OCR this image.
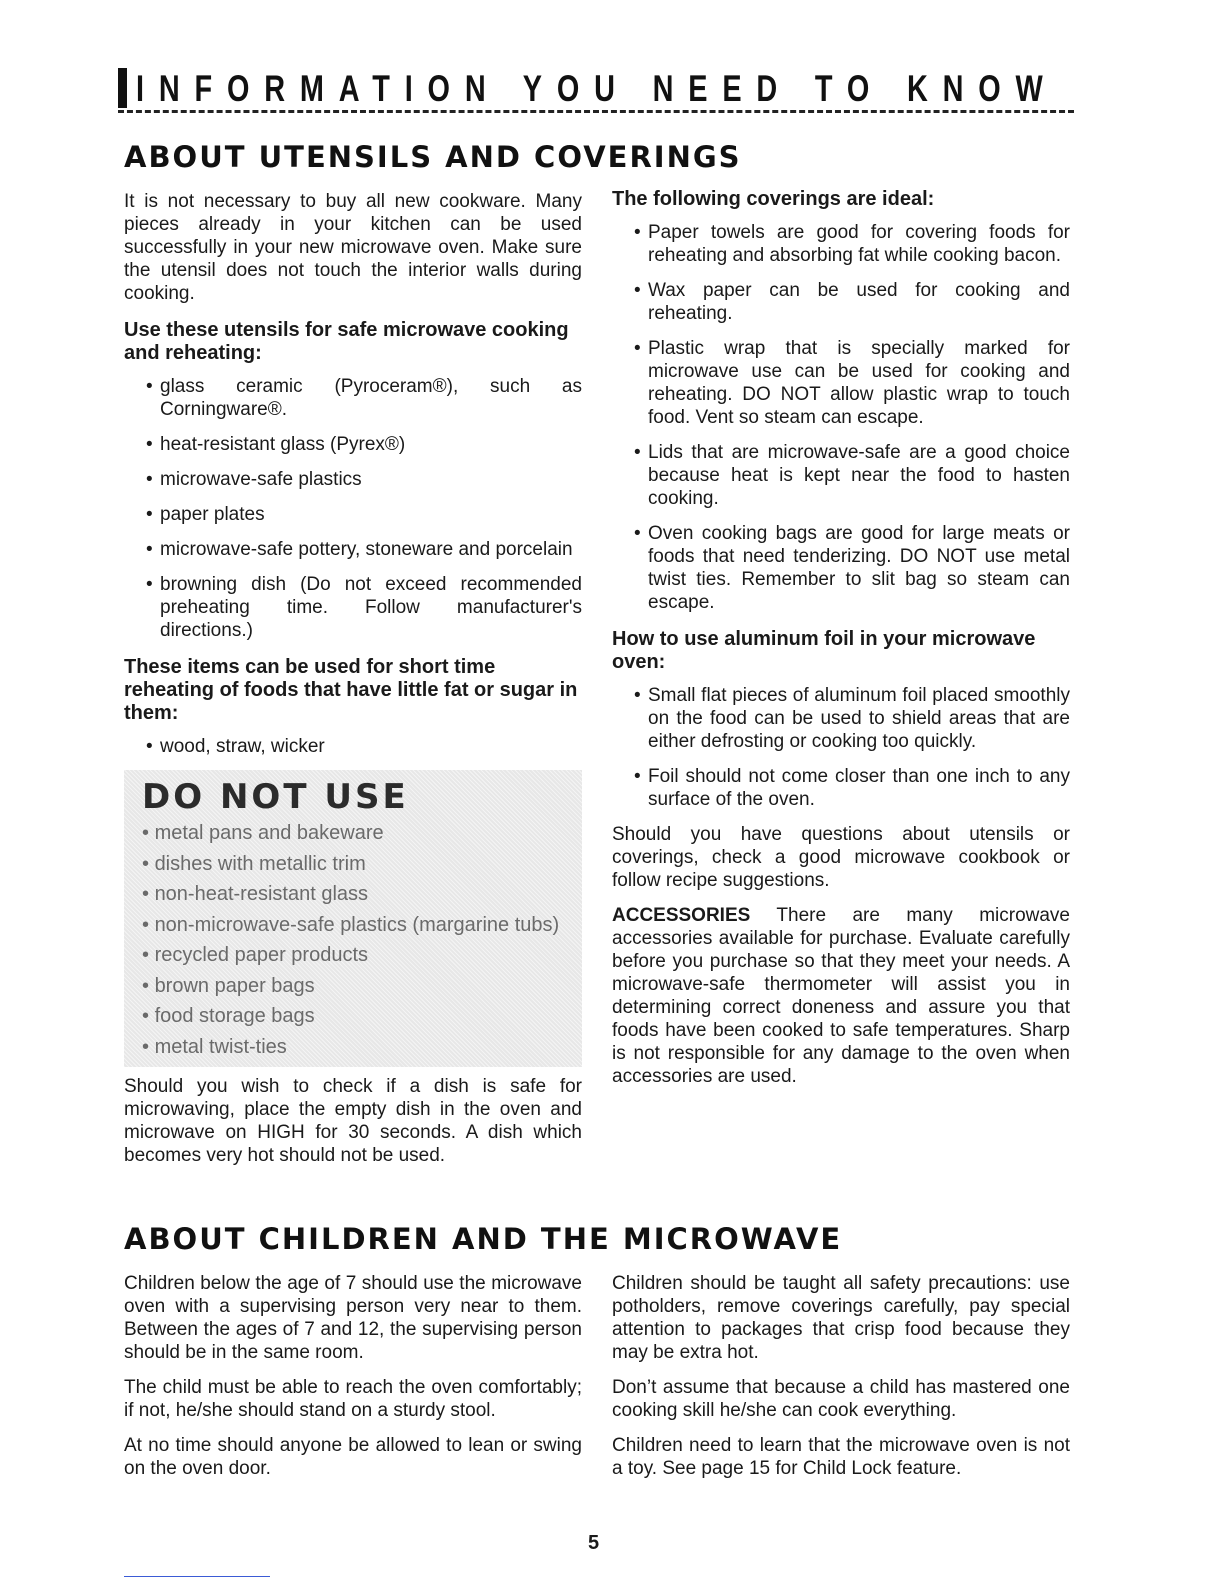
INFORMATION YOU NEED TO KNOW
ABOUT UTENSILS AND COVERINGS

It is not necessary to buy all new cookware. Many pieces already in your kitchen can be used successfully in your new microwave oven. Make sure the utensil does not touch the interior walls during cooking.

Use these utensils for safe microwave cooking and reheating:
• glass ceramic (Pyroceram®), such as Corningware®.
• heat-resistant glass (Pyrex®)
• microwave-safe plastics
• paper plates
• microwave-safe pottery, stoneware and porcelain
• browning dish (Do not exceed recommended preheating time. Follow manufacturer's directions.)
These items can be used for short time reheating of foods that have little fat or sugar in them:
• wood, straw, wicker
DO NOT USE
• metal pans and bakeware
• dishes with metallic trim
• non-heat-resistant glass
• non-microwave-safe plastics (margarine tubs)
• recycled paper products
• brown paper bags
• food storage bags
• metal twist-ties

Should you wish to check if a dish is safe for microwaving, place the empty dish in the oven and microwave on HIGH for 30 seconds. A dish which becomes very hot should not be used.

The following coverings are ideal:
• Paper towels are good for covering foods for reheating and absorbing fat while cooking bacon.
• Wax paper can be used for cooking and reheating.
• Plastic wrap that is specially marked for microwave use can be used for cooking and reheating. DO NOT allow plastic wrap to touch food. Vent so steam can escape.
• Lids that are microwave-safe are a good choice because heat is kept near the food to hasten cooking.
• Oven cooking bags are good for large meats or foods that need tenderizing. DO NOT use metal twist ties. Remember to slit bag so steam can escape.
How to use aluminum foil in your microwave oven:
• Small flat pieces of aluminum foil placed smoothly on the food can be used to shield areas that are either defrosting or cooking too quickly.
• Foil should not come closer than one inch to any surface of the oven.

Should you have questions about utensils or coverings, check a good microwave cookbook or follow recipe suggestions.

ACCESSORIES There are many microwave accessories available for purchase. Evaluate carefully before you purchase so that they meet your needs. A microwave-safe thermometer will assist you in determining correct doneness and assure you that foods have been cooked to safe temperatures. Sharp is not responsible for any damage to the oven when accessories are used.

ABOUT CHILDREN AND THE MICROWAVE

Children below the age of 7 should use the microwave oven with a supervising person very near to them. Between the ages of 7 and 12, the supervising person should be in the same room.

The child must be able to reach the oven comfortably; if not, he/she should stand on a sturdy stool.

At no time should anyone be allowed to lean or swing on the oven door.

Children should be taught all safety precautions: use potholders, remove coverings carefully, pay special attention to packages that crisp food because they may be extra hot.

Don’t assume that because a child has mastered one cooking skill he/she can cook everything.

Children need to learn that the microwave oven is not a toy. See page 15 for Child Lock feature.

5
